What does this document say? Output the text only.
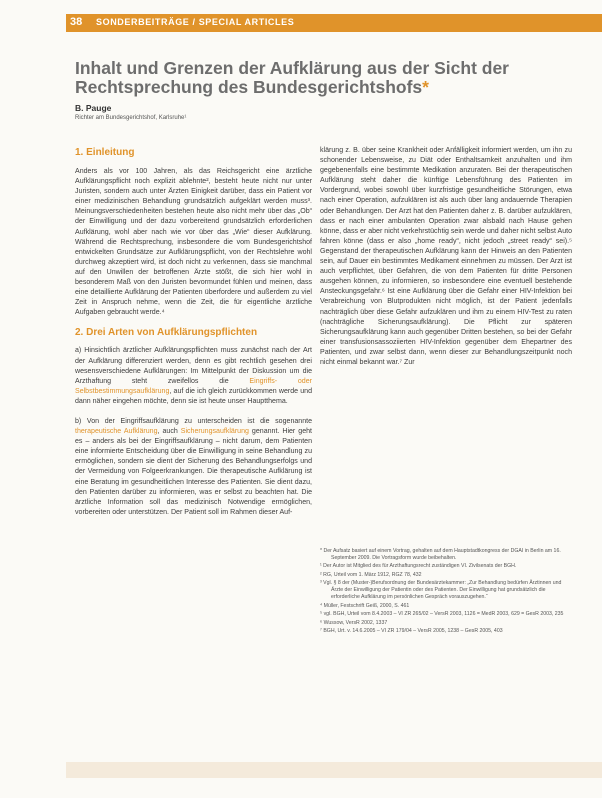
38 SONDERBEITRÄGE / SPECIAL ARTICLES
Inhalt und Grenzen der Aufklärung aus der Sicht der Rechtsprechung des Bundesgerichtshofs*
B. Pauge
Richter am Bundesgerichtshof, Karlsruhe¹
1. Einleitung

Anders als vor 100 Jahren, als das Reichsgericht eine ärztliche Aufklärungspflicht noch explizit ablehnte², besteht heute nicht nur unter Juristen, sondern auch unter Ärzten Einigkeit darüber, dass ein Patient vor einer medizinischen Behandlung grundsätzlich aufgeklärt werden muss³. Meinungsverschiedenheiten bestehen heute also nicht mehr über das „Ob“ der Einwilligung und der dazu vorbereitend grundsätzlich erforderlichen Aufklärung, wohl aber nach wie vor über das „Wie“ dieser Aufklärung. Während die Rechtsprechung, insbesondere die vom Bundesgerichtshof entwickelten Grundsätze zur Aufklärungspflicht, von der Rechtslehre wohl durchweg akzeptiert wird, ist doch nicht zu verkennen, dass sie manchmal auf den Unwillen der betroffenen Ärzte stößt, die sich hier wohl in besonderem Maß von den Juristen bevormundet fühlen und meinen, dass eine detaillierte Aufklärung der Patienten überfordere und außerdem zu viel Zeit in Anspruch nehme, wenn die Zeit, die für eigentliche ärztliche Aufgaben gebraucht werde.⁴

2. Drei Arten von Aufklärungspflichten

a) Hinsichtlich ärztlicher Aufklärungspflichten muss zunächst nach der Art der Aufklärung differenziert werden, denn es gibt rechtlich gesehen drei wesensverschiedene Aufklärungen: Im Mittelpunkt der Diskussion um die Arzthaftung steht zweifellos die Eingriffs- oder Selbstbestimmungsaufklärung, auf die ich gleich zurückkommen werde und dann näher eingehen möchte, denn sie ist heute unser Hauptthema.

b) Von der Eingriffsaufklärung zu unterscheiden ist die sogenannte therapeutische Aufklärung, auch Sicherungsaufklärung genannt. Hier geht es – anders als bei der Eingriffsaufklärung – nicht darum, dem Patienten eine informierte Entscheidung über die Einwilligung in seine Behandlung zu ermöglichen, sondern sie dient der Sicherung des Behandlungserfolgs und der Vermeidung von Folgeerkrankungen. Die therapeutische Aufklärung ist eine Beratung im gesundheitlichen Interesse des Patienten. Sie dient dazu, den Patienten darüber zu informieren, was er selbst zu beachten hat. Die ärztliche Information soll das medizinisch Notwendige ermöglichen, vorbereiten oder unterstützen. Der Patient soll im Rahmen dieser Auf-

klärung z. B. über seine Krankheit oder Anfälligkeit informiert werden, um ihn zu schonender Lebensweise, zu Diät oder Enthaltsamkeit anzuhalten und ihm gegebenenfalls eine bestimmte Medikation anzuraten. Bei der therapeutischen Aufklärung steht daher die künftige Lebensführung des Patienten im Vordergrund, wobei sowohl über kurzfristige gesundheitliche Störungen, etwa nach einer Operation, aufzuklären ist als auch über lang andauernde Therapien oder Behandlungen. Der Arzt hat den Patienten daher z. B. darüber aufzuklären, dass er nach einer ambulanten Operation zwar alsbald nach Hause gehen könne, dass er aber nicht verkehrstüchtig sein werde und daher nicht selbst Auto fahren könne (dass er also „home ready“, nicht jedoch „street ready“ sei).⁵ Gegenstand der therapeutischen Aufklärung kann der Hinweis an den Patienten sein, auf Dauer ein bestimmtes Medikament einnehmen zu müssen. Der Arzt ist auch verpflichtet, über Gefahren, die von dem Patienten für dritte Personen ausgehen können, zu informieren, so insbesondere eine eventuell bestehende Ansteckungsgefahr.⁶ Ist eine Aufklärung über die Gefahr einer HIV-Infektion bei Verabreichung von Blutprodukten nicht möglich, ist der Patient jedenfalls nachträglich über diese Gefahr aufzuklären und ihm zu einem HIV-Test zu raten (nachträgliche Sicherungsaufklärung). Die Pflicht zur späteren Sicherungsaufklärung kann auch gegenüber Dritten bestehen, so bei der Gefahr einer transfusionsassoziierten HIV-Infektion gegenüber dem Ehepartner des Patienten, und zwar selbst dann, wenn dieser zur Behandlungszeitpunkt noch nicht einmal bekannt war.⁷ Zur

* Der Aufsatz basiert auf einem Vortrag, gehalten auf dem Hauptstadtkongress der DGAI in Berlin am 16. September 2009. Die Vortragsform wurde beibehalten.

¹ Der Autor ist Mitglied des für Arzthaftungsrecht zuständigen VI. Zivilsenats der BGH.

² RG, Urteil vom 1. März 1912, RGZ 78, 432

³ Vgl. § 8 der (Muster-)Berufsordnung der Bundesärztekammer: „Zur Behandlung bedürfen Ärztinnen und Ärzte der Einwilligung der Patientin oder des Patienten. Der Einwilligung hat grundsätzlich die erforderliche Aufklärung im persönlichen Gespräch vorauszugehen.“

⁴ Müller, Festschrift Geiß, 2000, S. 461

⁵ vgl. BGH, Urteil vom 8.4.2003 – VI ZR 265/02 – VersR 2003, 1126 = MedR 2003, 629 = GesR 2003, 235

⁶ Wussow, VersR 2002, 1337

⁷ BGH, Urt. v. 14.6.2005 – VI ZR 179/04 – VersR 2005, 1238 – GesR 2005, 403
